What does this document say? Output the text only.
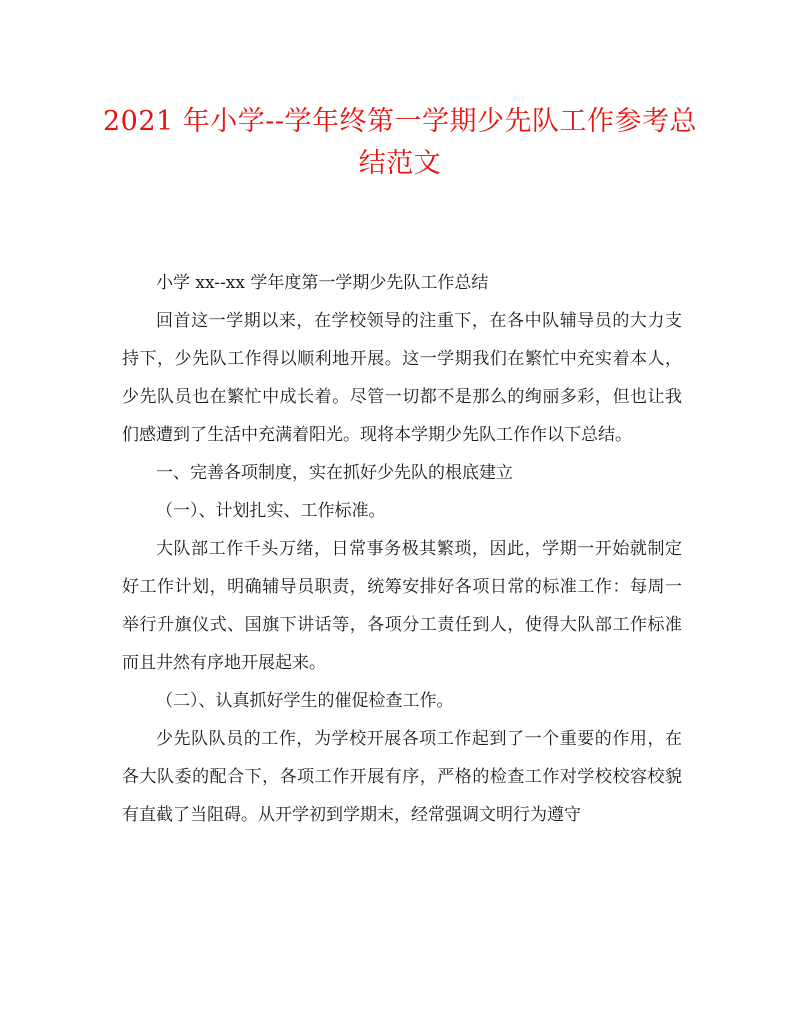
2021 年小学--学年终第一学期少先队工作参考总
结范文

小学 xx--xx 学年度第一学期少先队工作总结

回首这一学期以来，在学校领导的注重下，在各中队辅导员的大力支持下，少先队工作得以顺利地开展。这一学期我们在繁忙中充实着本人，少先队员也在繁忙中成长着。尽管一切都不是那么的绚丽多彩，但也让我们感遭到了生活中充满着阳光。现将本学期少先队工作作以下总结。

一、完善各项制度，实在抓好少先队的根底建立

（一）、计划扎实、工作标准。

大队部工作千头万绪，日常事务极其繁琐，因此，学期一开始就制定好工作计划，明确辅导员职责，统筹安排好各项日常的标准工作：每周一举行升旗仪式、国旗下讲话等，各项分工责任到人，使得大队部工作标准而且井然有序地开展起来。

（二）、认真抓好学生的催促检查工作。

少先队队员的工作，为学校开展各项工作起到了一个重要的作用，在各大队委的配合下，各项工作开展有序，严格的检查工作对学校校容校貌有直截了当阻碍。从开学初到学期末，经常强调文明行为遵守
